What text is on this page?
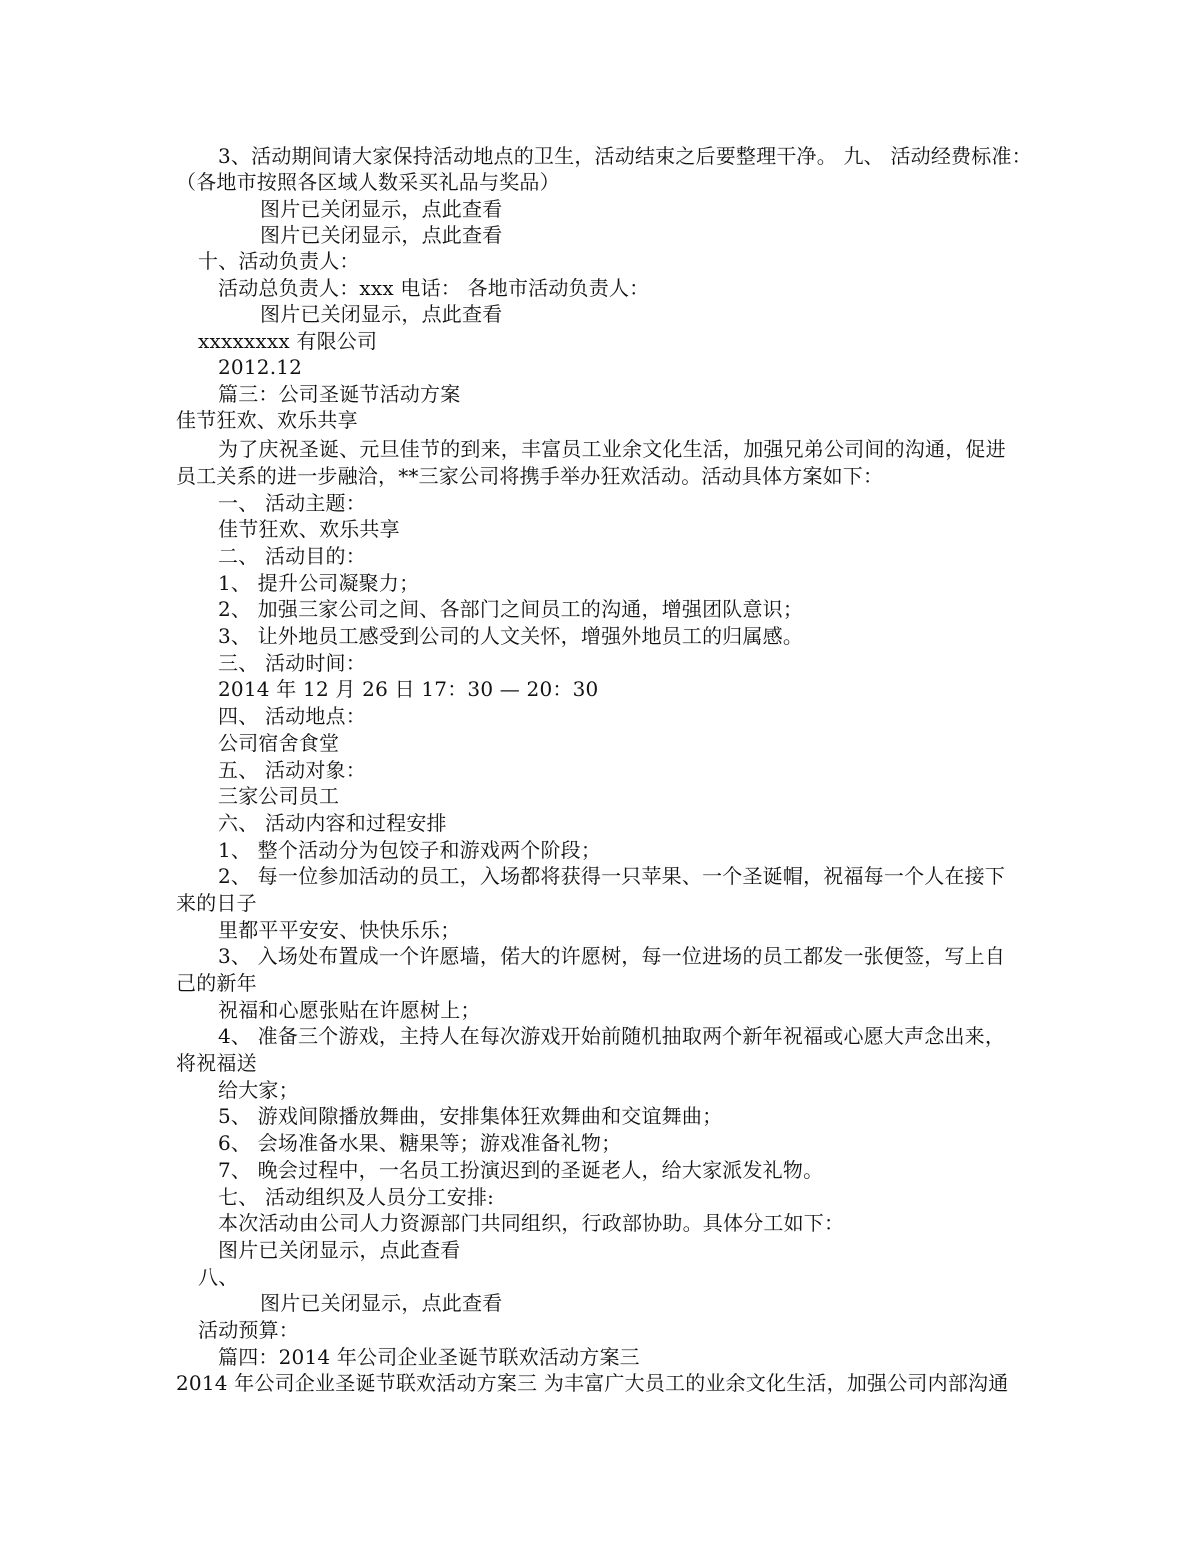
3、活动期间请大家保持活动地点的卫生，活动结束之后要整理干净。 九、 活动经费标准：
（各地市按照各区域人数采买礼品与奖品）
图片已关闭显示，点此查看
图片已关闭显示，点此查看
十、活动负责人：
活动总负责人：xxx 电话： 各地市活动负责人：
图片已关闭显示，点此查看
xxxxxxxx 有限公司
2012.12
篇三：公司圣诞节活动方案
佳节狂欢、欢乐共享
为了庆祝圣诞、元旦佳节的到来，丰富员工业余文化生活，加强兄弟公司间的沟通，促进
员工关系的进一步融洽，**三家公司将携手举办狂欢活动。活动具体方案如下：
一、 活动主题：
佳节狂欢、欢乐共享
二、 活动目的：
1、 提升公司凝聚力；
2、 加强三家公司之间、各部门之间员工的沟通，增强团队意识；
3、 让外地员工感受到公司的人文关怀，增强外地员工的归属感。
三、 活动时间：
2014 年 12 月 26 日 17：30 — 20：30
四、 活动地点：
公司宿舍食堂
五、 活动对象：
三家公司员工
六、 活动内容和过程安排
1、 整个活动分为包饺子和游戏两个阶段；
2、 每一位参加活动的员工，入场都将获得一只苹果、一个圣诞帽，祝福每一个人在接下
来的日子
里都平平安安、快快乐乐；
3、 入场处布置成一个许愿墙，偌大的许愿树，每一位进场的员工都发一张便签，写上自
己的新年
祝福和心愿张贴在许愿树上；
4、 准备三个游戏，主持人在每次游戏开始前随机抽取两个新年祝福或心愿大声念出来，
将祝福送
给大家；
5、 游戏间隙播放舞曲，安排集体狂欢舞曲和交谊舞曲；
6、 会场准备水果、糖果等；游戏准备礼物；
7、 晚会过程中，一名员工扮演迟到的圣诞老人，给大家派发礼物。
七、 活动组织及人员分工安排:
本次活动由公司人力资源部门共同组织，行政部协助。具体分工如下：
图片已关闭显示，点此查看
八、
图片已关闭显示，点此查看
活动预算：
篇四：2014 年公司企业圣诞节联欢活动方案三
2014 年公司企业圣诞节联欢活动方案三 为丰富广大员工的业余文化生活，加强公司内部沟通
